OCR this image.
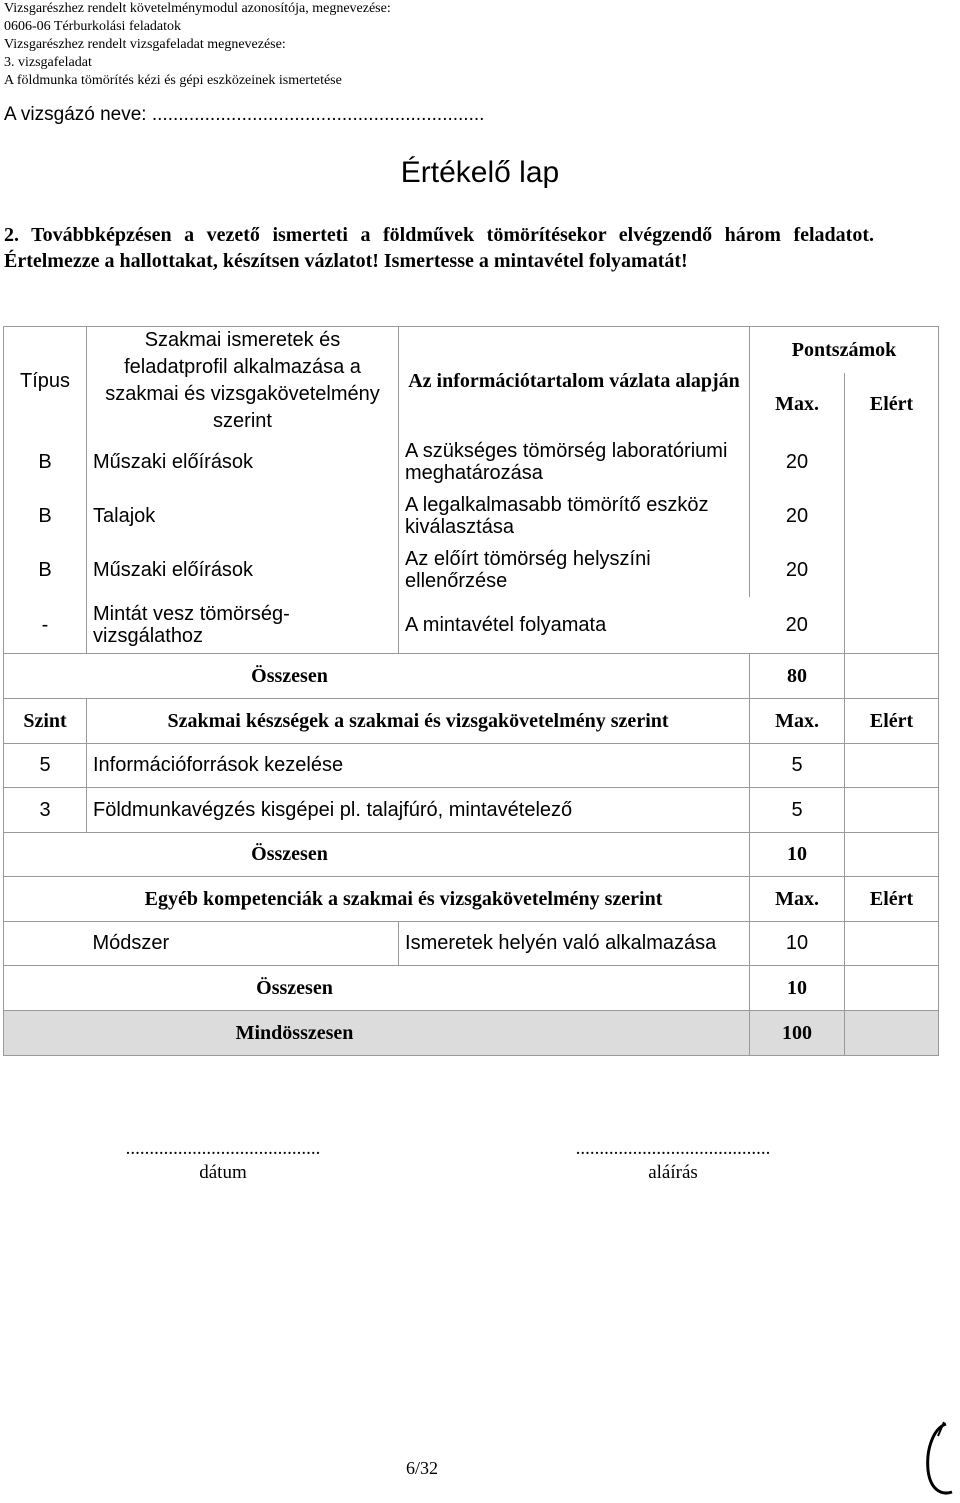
Vizsgarészhez rendelt követelménymodul azonosítója, megnevezése:
0606-06 Térburkolási feladatok
Vizsgarészhez rendelt vizsgafeladat megnevezése:
3. vizsgafeladat
A földmunka tömörítés kézi és gépi eszközeinek ismertetése
A vizsgázó neve: ...............................................................
Értékelő lap
2. Továbbképzésen a vezető ismerteti a földművek tömörítésekor elvégzendő három feladatot. Értelmezze a hallottakat, készítsen vázlatot! Ismertesse a mintavétel folyamatát!
Típus	Szakmai ismeretek és feladatprofil alkalmazása a szakmai és vizsgakövetelmény szerint	Az információtartalom vázlata alapján	Pontszámok	
			Max.	Elért
B	Műszaki előírások	A szükséges tömörség laboratóriumi meghatározása	20	
B	Talajok	A legalkalmasabb tömörítő eszköz kiválasztása	20	
B	Műszaki előírások	Az előírt tömörség helyszíni ellenőrzése	20	
-	Mintát vesz tömörség-vizsgálathoz	A mintavétel folyamata	20	
Összesen			80	
Szint	Szakmai készségek a szakmai és vizsgakövetelmény szerint		Max.	Elért
5	Információforrások kezelése		5	
3	Földmunkavégzés kisgépei pl. talajfúró, mintavételező		5	
Összesen			10	
Egyéb kompetenciák a szakmai és vizsgakövetelmény szerint			Max.	Elért
	Módszer	Ismeretek helyén való alkalmazása	10	
Összesen			10	
Mindösszesen			100	
.........................................
dátum
.........................................
aláírás
6/32
